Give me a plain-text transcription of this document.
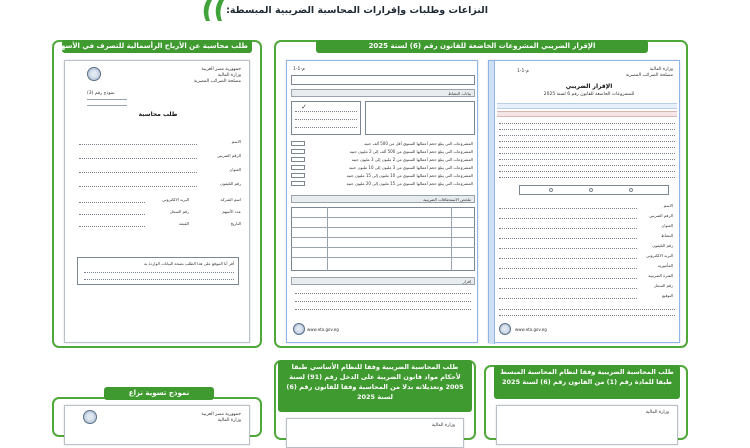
النزاعات وطلبات وإقرارات المحاسبة الضريبية المبسطة:
طلب محاسبة عن الأرباح الرأسمالية للتصرف في الأسهم غير المقيدة
جمهورية مصر العربية
وزارة المالية
مصلحة الضرائب المصرية
نموذج رقم (3)
طلب محاسبة
الاسم
الرقم الضريبي
العنوان
رقم التليفون
البريد الالكتروني	اسم الشركة
رقم السجل	عدد الأسهم
القيمة	التاريخ
أقر أنا الموقع على هذا الطلب بصحة البيانات الواردة به
الإقرار الضريبي المشروعات الخاضعة للقانون رقم (6) لسنة 2025
م-1-1
بيانات النشاط
✓
المشروعات التي يبلغ حجم أعمالها السنوي أقل من 500 ألف جنيه
المشروعات التي يبلغ حجم أعمالها السنوي من 500 ألف إلى 2 مليون جنيه
المشروعات التي يبلغ حجم أعمالها السنوي من 2 مليون إلى 3 مليون جنيه
المشروعات التي يبلغ حجم أعمالها السنوي من 3 مليون إلى 10 مليون جنيه
المشروعات التي يبلغ حجم أعمالها السنوي من 10 مليون إلى 15 مليون جنيه
المشروعات التي يبلغ حجم أعمالها السنوي من 15 مليون إلى 20 مليون جنيه
ملخص الاستحقاقات الضريبية
إقرار
www.eta.gov.eg
وزارة المالية
مصلحة الضرائب المصرية
م-1-1
الإقرار الضريبي
للمشروعات الخاضعة للقانون رقم 6 لسنة 2025
الاسم
الرقم الضريبي
العنوان
النشاط
رقم التليفون
البريد الالكتروني
المأمورية
الفترة الضريبية
رقم السجل
التوقيع
www.eta.gov.eg
نموذج تسوية نزاع
جمهورية مصر العربية
وزارة المالية
طلب المحاسبة الضريبية وفقا للنظام الأساسي طبقا لأحكام مواد قانون الضريبة على الدخل رقم (91) لسنة 2005 وتعديلاته بدلا من المحاسبة وفقا للقانون رقم (6) لسنة 2025
وزارة المالية
طلب المحاسبة الضريبية وفقا لنظام المحاسبة المبسط طبقا للمادة رقم (1) من القانون رقم (6) لسنة 2025
وزارة المالية
